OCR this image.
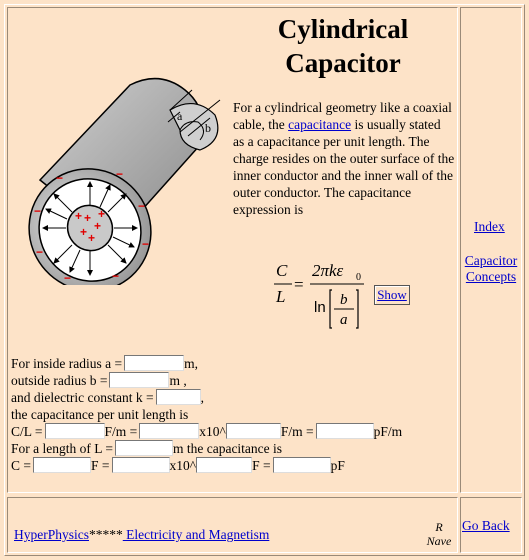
Cylindrical
Capacitor
+
+
+
+ +
+
−	−
−
−
−
−
−
−
a
b
For a cylindrical geometry like a coaxial cable, the capacitance is usually stated as a capacitance per unit length. The charge resides on the outer surface of the inner conductor and the inner wall of the outer conductor. The capacitance expression is
C
L
=
2πkε 0
ln b
a
Show
Index
Capacitor
Concepts
For inside radius a =	m,
outside radius b =	m ,
and dielectric constant k =	,
the capacitance per unit length is
C/L =	F/m =	x10^	F/m =	pF/m
For a length of L =	m the capacitance is
C =	F =	x10^	F =	pF
HyperPhysics***** Electricity and Magnetism	R
Nave
Go Back
